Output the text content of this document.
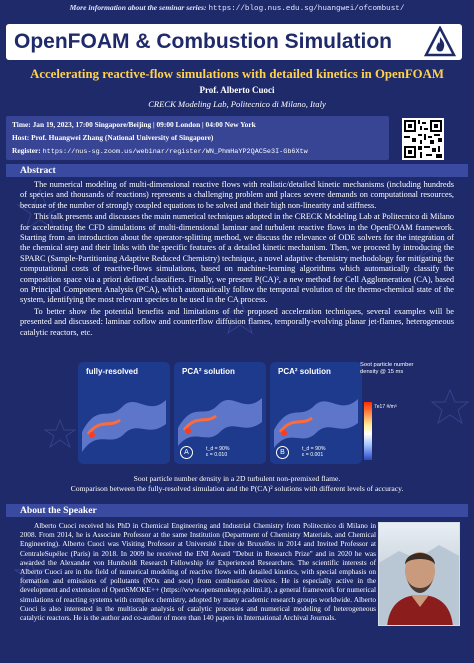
More information about the seminar series: https://blog.nus.edu.sg/huangwei/ofcombust/
OpenFOAM & Combustion Simulation
Accelerating reactive-flow simulations with detailed kinetics in OpenFOAM
Prof. Alberto Cuoci
CRECK Modeling Lab, Politecnico di Milano, Italy
Time: Jan 19, 2023, 17:00 Singapore/Beijing | 09:00 London | 04:00 New York
Host: Prof. Huangwei Zhang (National University of Singapore)
Register: https://nus-sg.zoom.us/webinar/register/WN_PhmHaYP2QAC5e3I-Gb6Xtw
Abstract

The numerical modeling of multi-dimensional reactive flows with realistic/detailed kinetic mechanisms (including hundreds of species and thousands of reactions) represents a challenging problem and places severe demands on computational resources, because of the number of strongly coupled equations to be solved and their high non-linearity and stiffness.

This talk presents and discusses the main numerical techniques adopted in the CRECK Modeling Lab at Politecnico di Milano for accelerating the CFD simulations of multi-dimensional laminar and turbulent reactive flows in the OpenFOAM framework. Starting from an introduction about the operator-splitting method, we discuss the relevance of ODE solvers for the integration of the chemical step and their links with the specific features of a detailed kinetic mechanism. Then, we proceed by introducing the SPARC (Sample-Partitioning Adaptive Reduced Chemistry) technique, a novel adaptive chemistry methodology for mitigating the computational costs of reactive-flows simulations, based on machine-learning algorithms which automatically classify the composition space via a priori defined classifiers. Finally, we present P(CA)², a new method for Cell Agglomeration (CA), based on Principal Component Analysis (PCA), which automatically follow the temporal evolution of the thermo-chemical state of the system, identifying the most relevant species to be used in the CA process.

To better show the potential benefits and limitations of the proposed acceleration techniques, several examples will be presented and discussed: laminar coflow and counterflow diffusion flames, temporally-evolving planar jet-flames, heterogeneous catalytic reactors, etc.

fully-resolved	PCA² solution
A	t_d = 90%
ε = 0.010
PCA² solution
B	t_d = 90%
ε = 0.001
Soot particle number density @ 15 ms
7e17 #/m³
Soot particle number density in a 2D turbulent non-premixed flame.
Comparison between the fully-resolved simulation and the P(CA)² solutions with different levels of accuracy.
About the Speaker

Alberto Cuoci received his PhD in Chemical Engineering and Industrial Chemistry from Politecnico di Milano in 2008. From 2014, he is Associate Professor at the same Institution (Department of Chemistry Materials, and Chemical Engineering). Alberto Cuoci was Visiting Professor at Université Libre de Bruxelles in 2014 and Invited Professor at CentraleSupélec (Paris) in 2018. In 2009 he received the ENI Award "Debut in Research Prize" and in 2020 he was awarded the Alexander von Humboldt Research Fellowship for Experienced Researchers. The scientific interests of Alberto Cuoci are in the field of numerical modeling of reactive flows with detailed kinetics, with special emphasis on formation and emissions of pollutants (NOx and soot) from combustion devices. He is especially active in the development and extension of OpenSMOKE++ (https://www.opensmokepp.polimi.it), a general framework for numerical simulations of reacting systems with complex chemistry, adopted by many academic research groups worldwide. Alberto Cuoci is also interested in the multiscale analysis of catalytic processes and numerical modeling of heterogeneous catalytic reactors. He is the author and co-author of more than 140 papers in International Archival Journals.
